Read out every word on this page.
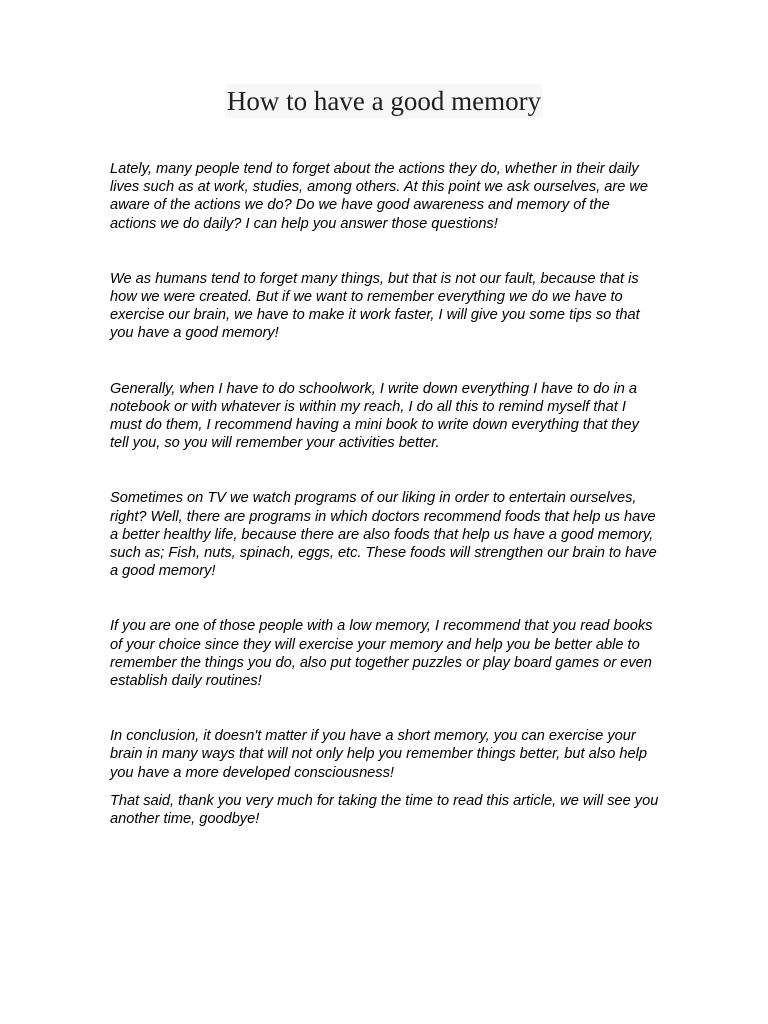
How to have a good memory

Lately, many people tend to forget about the actions they do, whether in their daily lives such as at work, studies, among others. At this point we ask ourselves, are we aware of the actions we do? Do we have good awareness and memory of the actions we do daily? I can help you answer those questions!

We as humans tend to forget many things, but that is not our fault, because that is how we were created. But if we want to remember everything we do we have to exercise our brain, we have to make it work faster, I will give you some tips so that you have a good memory!

Generally, when I have to do schoolwork, I write down everything I have to do in a notebook or with whatever is within my reach, I do all this to remind myself that I must do them, I recommend having a mini book to write down everything that they tell you, so you will remember your activities better.

Sometimes on TV we watch programs of our liking in order to entertain ourselves, right? Well, there are programs in which doctors recommend foods that help us have a better healthy life, because there are also foods that help us have a good memory, such as; Fish, nuts, spinach, eggs, etc. These foods will strengthen our brain to have a good memory!

If you are one of those people with a low memory, I recommend that you read books of your choice since they will exercise your memory and help you be better able to remember the things you do, also put together puzzles or play board games or even establish daily routines!

In conclusion, it doesn't matter if you have a short memory, you can exercise your brain in many ways that will not only help you remember things better, but also help you have a more developed consciousness!

That said, thank you very much for taking the time to read this article, we will see you another time, goodbye!
